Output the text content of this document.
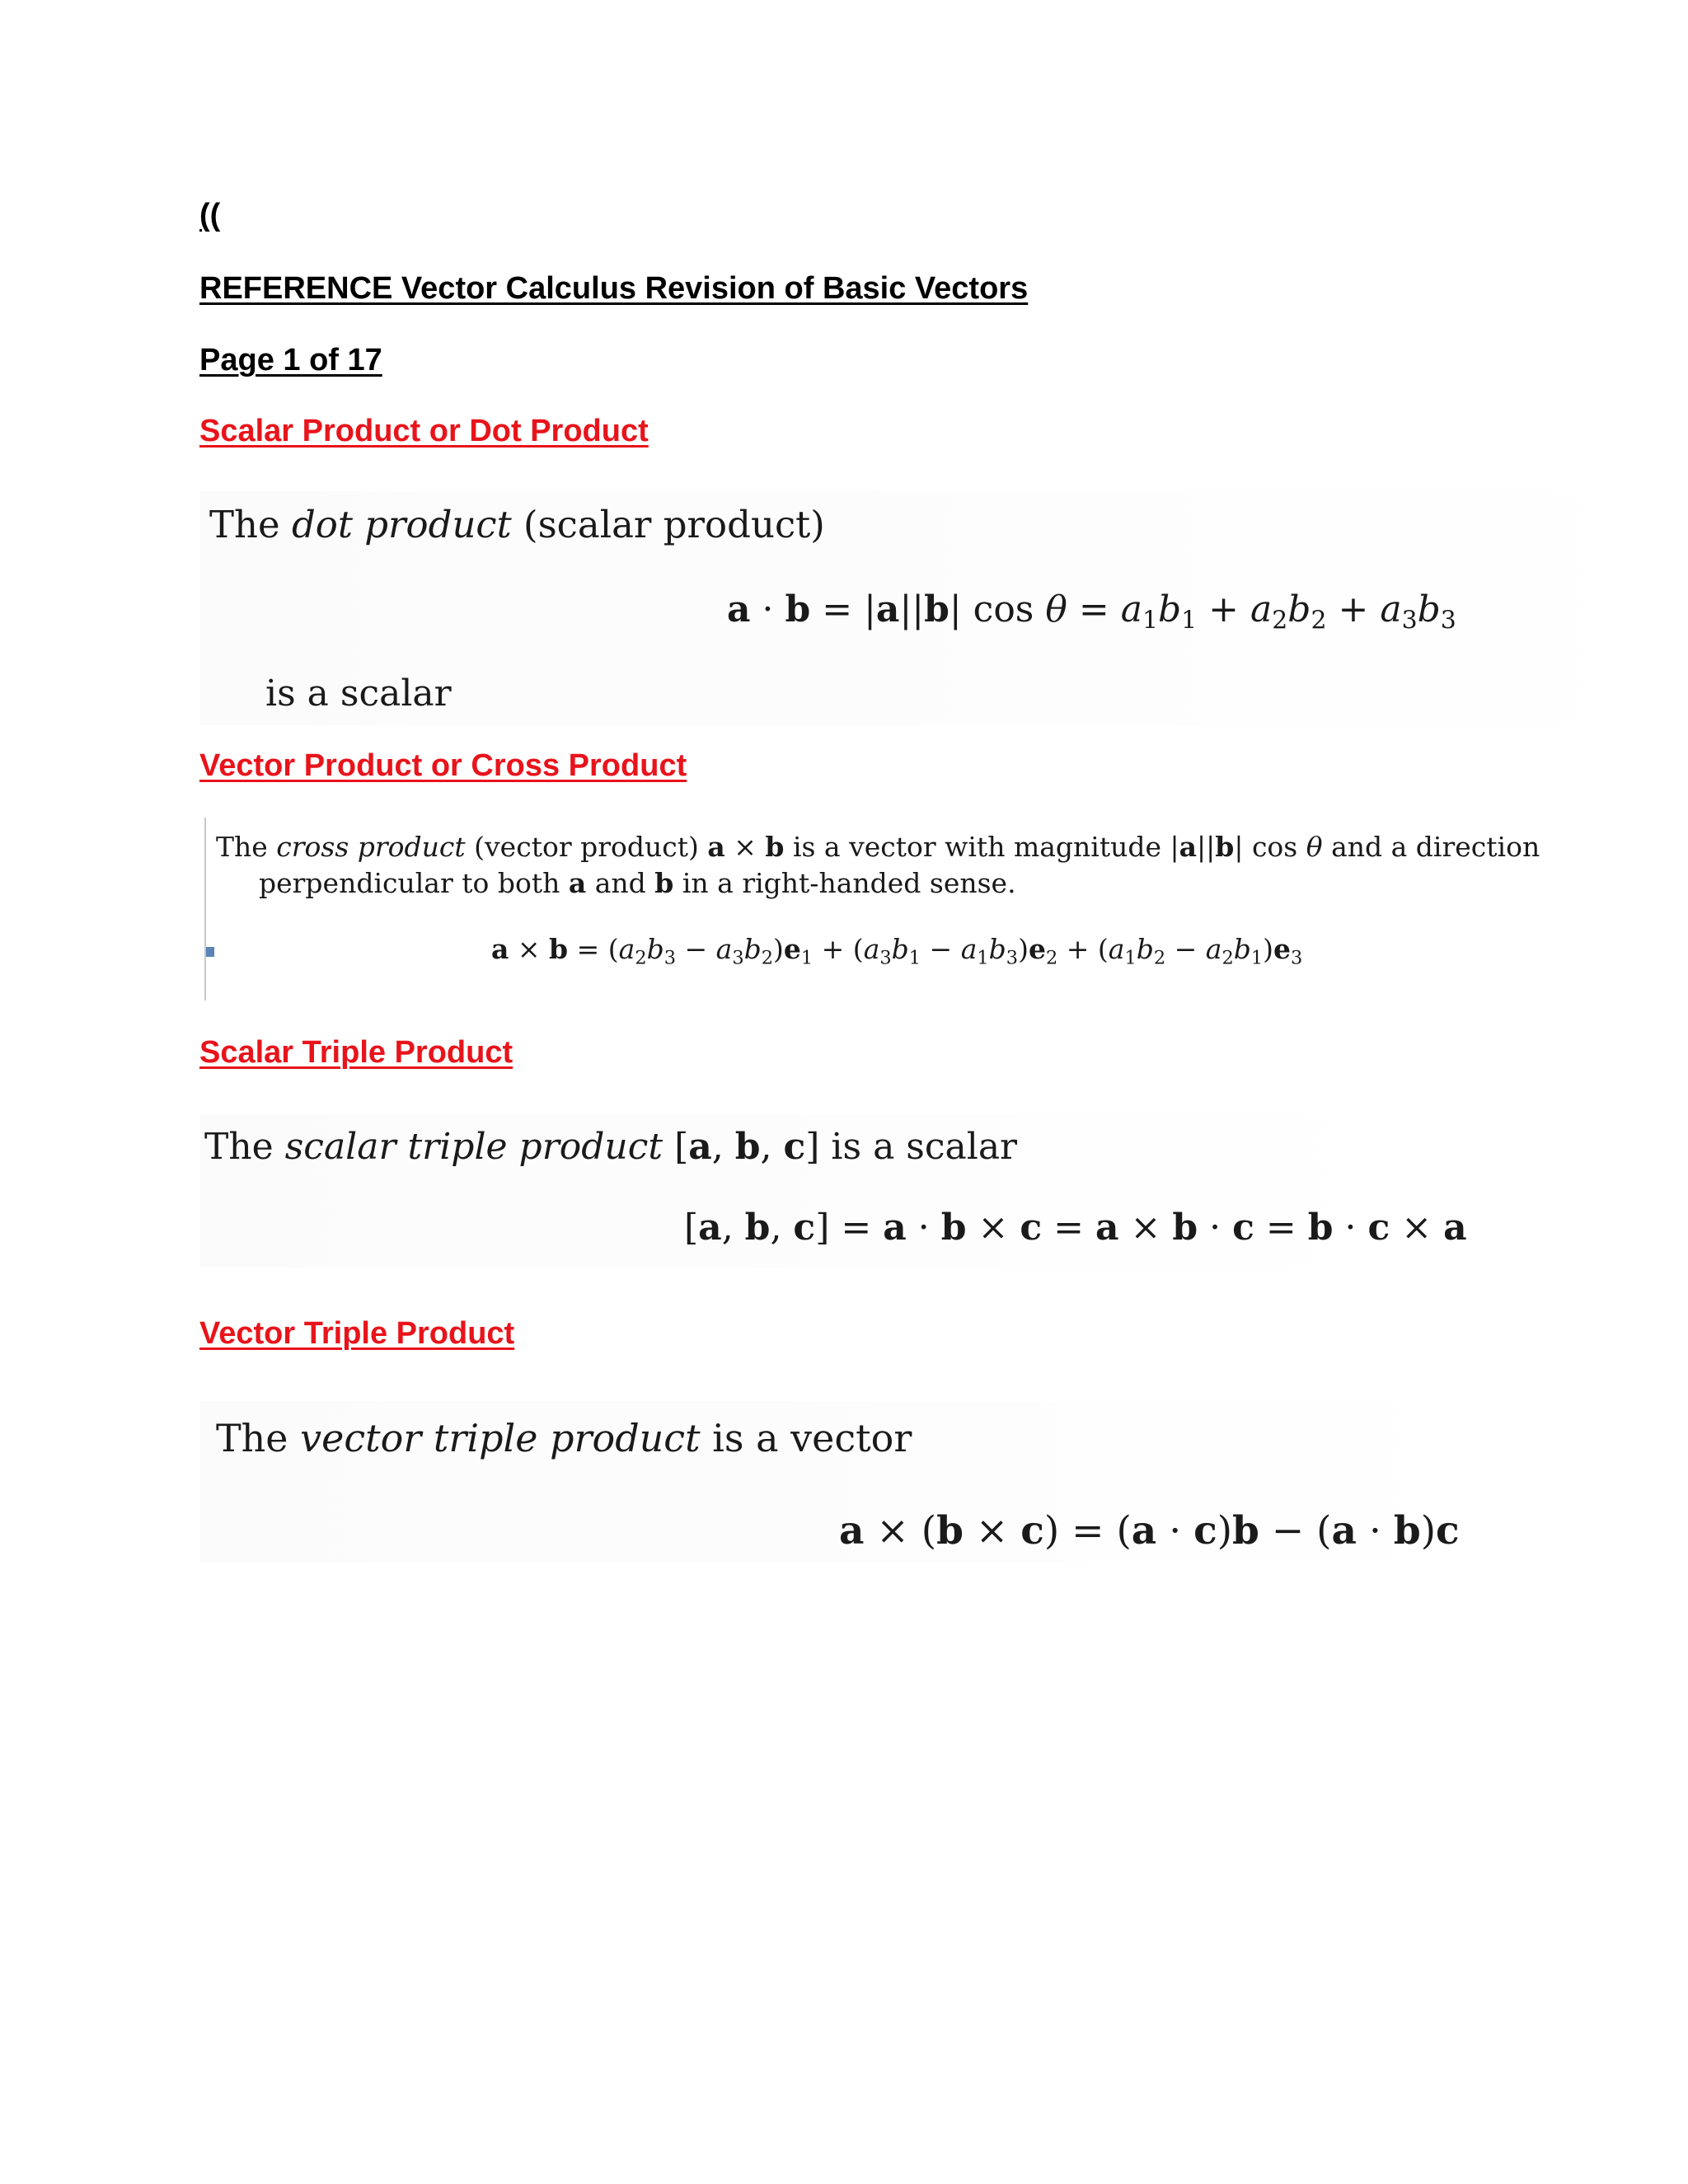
((

REFERENCE Vector Calculus Revision of Basic Vectors

Page 1 of 17

Scalar Product or Dot Product

The dot product (scalar product)
a · b = |a||b| $\cos \theta = a_1b_1 + a_2b_2 + a_3b_3$
is a scalar

Vector Product or Cross Product

The cross product (vector product) a × b is a vector with magnitude |a||b| cos θ and a direction
perpendicular to both a and b in a right-handed sense.
$a \times b = (a_2b_3 - a_3b_2)e_1 + (a_3b_1 - a_1b_3)e_2 + (a_1b_2 - a_2b_1)e_3$

Scalar Triple Product

The scalar triple product [a, b, c] is a scalar
[a, b, c] = a · b × c = a × b · c = b · c × a

Vector Triple Product

The vector triple product is a vector
a × (b × c) = (a · c)b − (a · b)c
